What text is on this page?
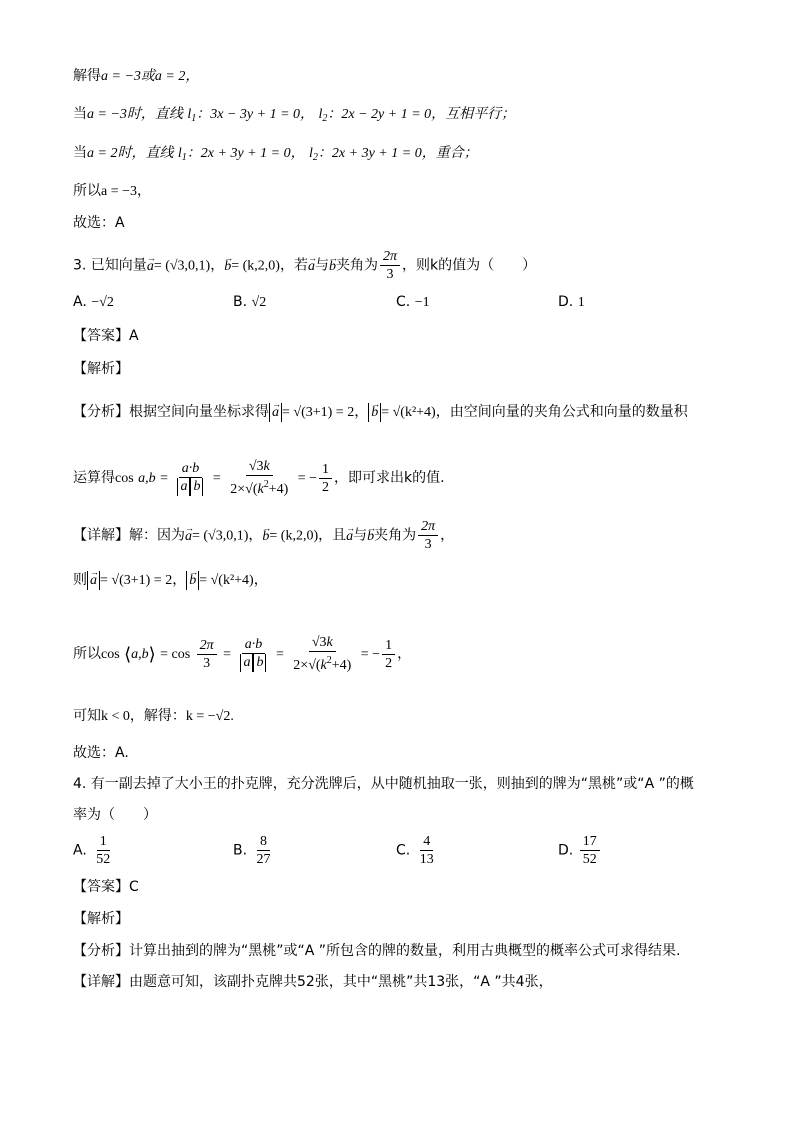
解得a = −3或a = 2，
当a = −3时，直线 $l_1$：3x − 3y + 1 = 0， $l_2$：2x − 2y + 1 = 0，互相平行；
当a = 2时，直线 $l_1$：2x + 3y + 1 = 0， $l_2$：2x + 3y + 1 = 0，重合；
所以a = −3，
故选：A
3. 已知向量→ a= (√3,0,1)，→ b= (k,2,0)，若→ a与→ b夹角为 $\frac{2\pi}{3}$ ，则k的值为（　　）
A. −√2	B. √2	C. −1	D. 1
【答案】A
【解析】
【分析】根据空间向量坐标求得 → a = √(3+1) = 2， → b = √(k²+4)，由空间向量的夹角公式和向量的数量积
运算得$\cos a,b = \frac{a\cdot b}{\text{a b}} = \frac{√3k}{2\times√(k^2+4)}$ = − $\frac{1}{2}$ ，即可求出k的值.
【详解】解：因为→ a= (√3,0,1)，→ b= (k,2,0)，且→ a与→ b夹角为 $\frac{2\pi}{3}$ ，
则 → a = √(3+1) = 2， → b = √(k²+4)，
所以cos ⟨a,b⟩ = $\cos \frac{2\pi}{3} = \frac{a\cdot b}{\text{a b}} = \frac{√3k}{2\times√(k^2+4)}$ = − $\frac{1}{2}$ ，
可知k < 0，解得：k = −√2.
故选：A.
4. 有一副去掉了大小王的扑克牌，充分洗牌后，从中随机抽取一张，则抽到的牌为“黑桃”或“A ”的概
率为（　　）
A. $\frac{1}{52}$	B. $\frac{8}{27}$	C. $\frac{4}{13}$	D. $\frac{17}{52}$
【答案】C
【解析】
【分析】计算出抽到的牌为“黑桃”或“A ”所包含的牌的数量，利用古典概型的概率公式可求得结果.
【详解】由题意可知，该副扑克牌共52张，其中“黑桃”共13张，“A ”共4张，
